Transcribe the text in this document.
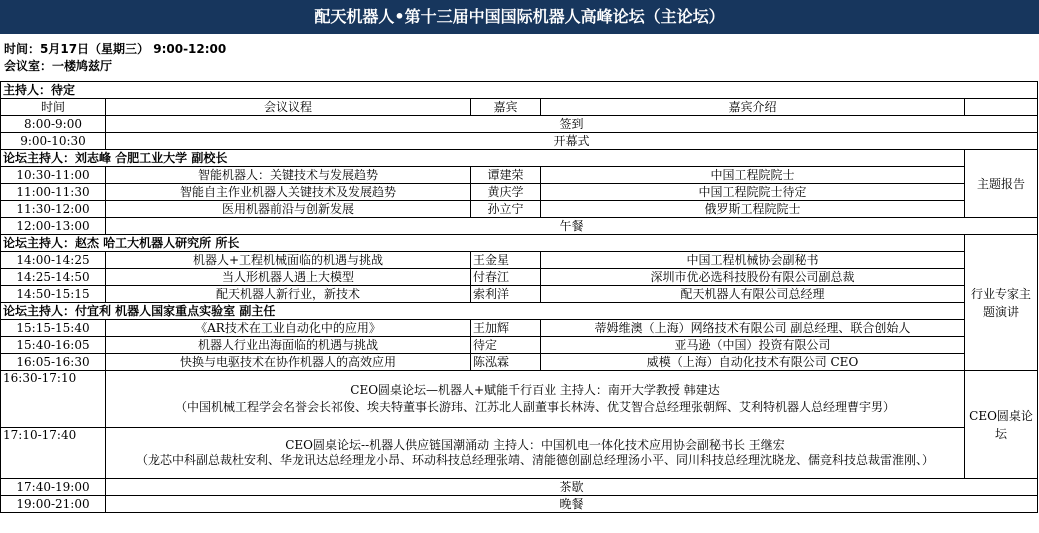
配天机器人•第十三届中国国际机器人高峰论坛（主论坛）
时间：5月17日（星期三） 9:00-12:00
会议室：一楼鸠兹厅
主持人：待定				
时间	会议议程	嘉宾	嘉宾介绍	
8:00-9:00	签到			
9:00-10:30	开幕式			
论坛主持人：刘志峰 合肥工业大学 副校长				主题报告
10:30-11:00	智能机器人：关键技术与发展趋势	谭建荣	中国工程院院士	
11:00-11:30	智能自主作业机器人关键技术及发展趋势	黄庆学	中国工程院院士待定	
11:30-12:00	医用机器前沿与创新发展	孙立宁	俄罗斯工程院院士	
12:00-13:00	午餐			
论坛主持人：赵杰 哈工大机器人研究所 所长				行业专家主题演讲
14:00-14:25	机器人+工程机械面临的机遇与挑战	王金星	中国工程机械协会副秘书	
14:25-14:50	当人形机器人遇上大模型	付春江	深圳市优必选科技股份有限公司副总裁	
14:50-15:15	配天机器人新行业，新技术	索利洋	配天机器人有限公司总经理	
论坛主持人：付宜利 机器人国家重点实验室 副主任				
15:15-15:40	《AR技术在工业自动化中的应用》	王加辉	蒂姆维澳（上海）网络技术有限公司 副总经理、联合创始人	
15:40-16:05	机器人行业出海面临的机遇与挑战	待定	亚马逊（中国）投资有限公司	
16:05-16:30	快换与电驱技术在协作机器人的高效应用	陈泓霖	威模（上海）自动化技术有限公司 CEO	
16:30-17:10	CEO圆桌论坛—机器人+赋能千行百业 主持人：南开大学教授 韩建达
（中国机械工程学会名誉会长祁俊、埃夫特董事长游玮、江苏北人副董事长林涛、优艾智合总经理张朝辉、艾利特机器人总经理曹宇男）			CEO圆桌论坛
17:10-17:40	CEO圆桌论坛--机器人供应链国潮涌动 主持人：中国机电一体化技术应用协会副秘书长 王继宏
（龙芯中科副总裁杜安利、华龙讯达总经理龙小昂、环动科技总经理张靖、清能德创副总经理汤小平、同川科技总经理沈晓龙、儒竞科技总裁雷淮刚、）			
17:40-19:00	茶歇			
19:00-21:00	晚餐			
